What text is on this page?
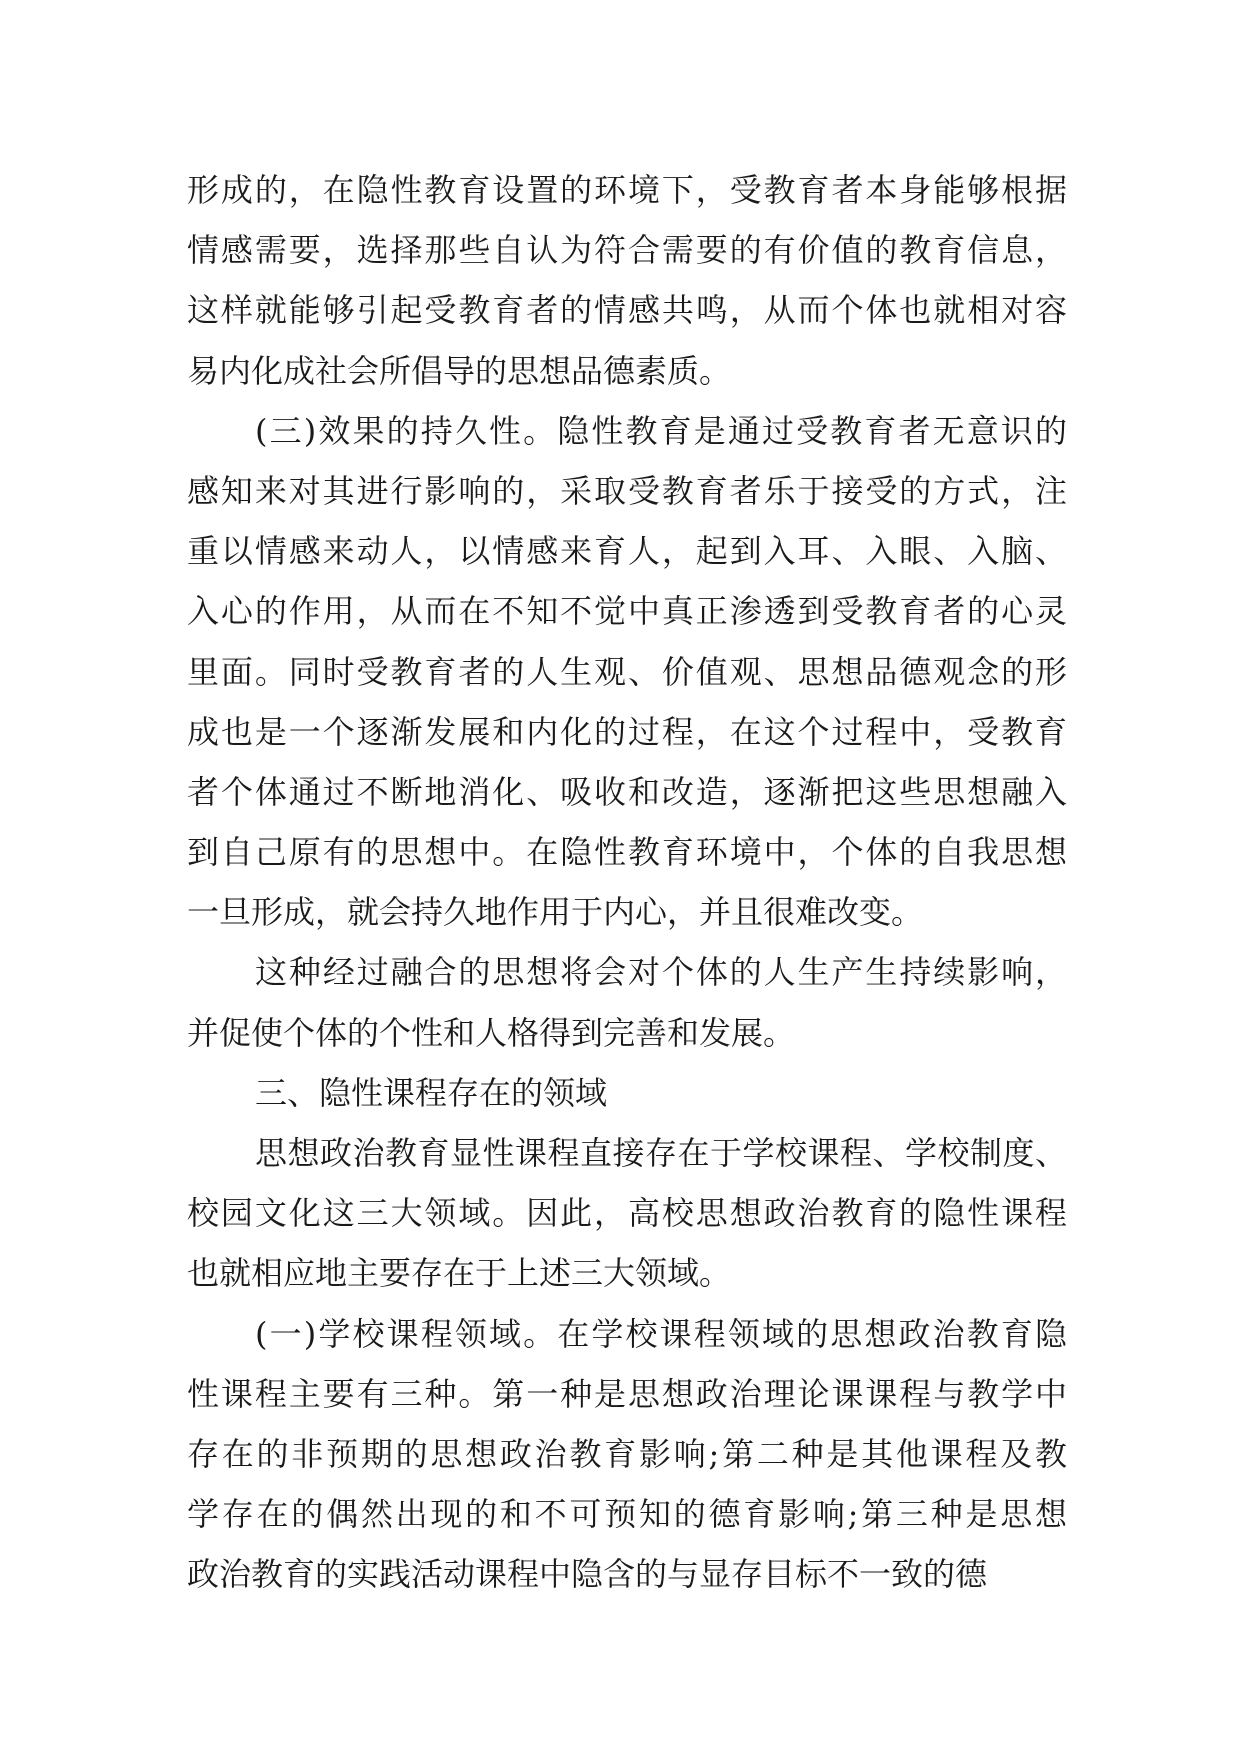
形成的，在隐性教育设置的环境下，受教育者本身能够根据
情感需要，选择那些自认为符合需要的有价值的教育信息，
这样就能够引起受教育者的情感共鸣，从而个体也就相对容
易内化成社会所倡导的思想品德素质。
(三)效果的持久性。隐性教育是通过受教育者无意识的
感知来对其进行影响的，采取受教育者乐于接受的方式，注
重以情感来动人，以情感来育人，起到入耳、入眼、入脑、
入心的作用，从而在不知不觉中真正渗透到受教育者的心灵
里面。同时受教育者的人生观、价值观、思想品德观念的形
成也是一个逐渐发展和内化的过程，在这个过程中，受教育
者个体通过不断地消化、吸收和改造，逐渐把这些思想融入
到自己原有的思想中。在隐性教育环境中，个体的自我思想
一旦形成，就会持久地作用于内心，并且很难改变。
这种经过融合的思想将会对个体的人生产生持续影响，
并促使个体的个性和人格得到完善和发展。
三、隐性课程存在的领域
思想政治教育显性课程直接存在于学校课程、学校制度、
校园文化这三大领域。因此，高校思想政治教育的隐性课程
也就相应地主要存在于上述三大领域。
(一)学校课程领域。在学校课程领域的思想政治教育隐
性课程主要有三种。第一种是思想政治理论课课程与教学中
存在的非预期的思想政治教育影响;第二种是其他课程及教
学存在的偶然出现的和不可预知的德育影响;第三种是思想
政治教育的实践活动课程中隐含的与显存目标不一致的德
